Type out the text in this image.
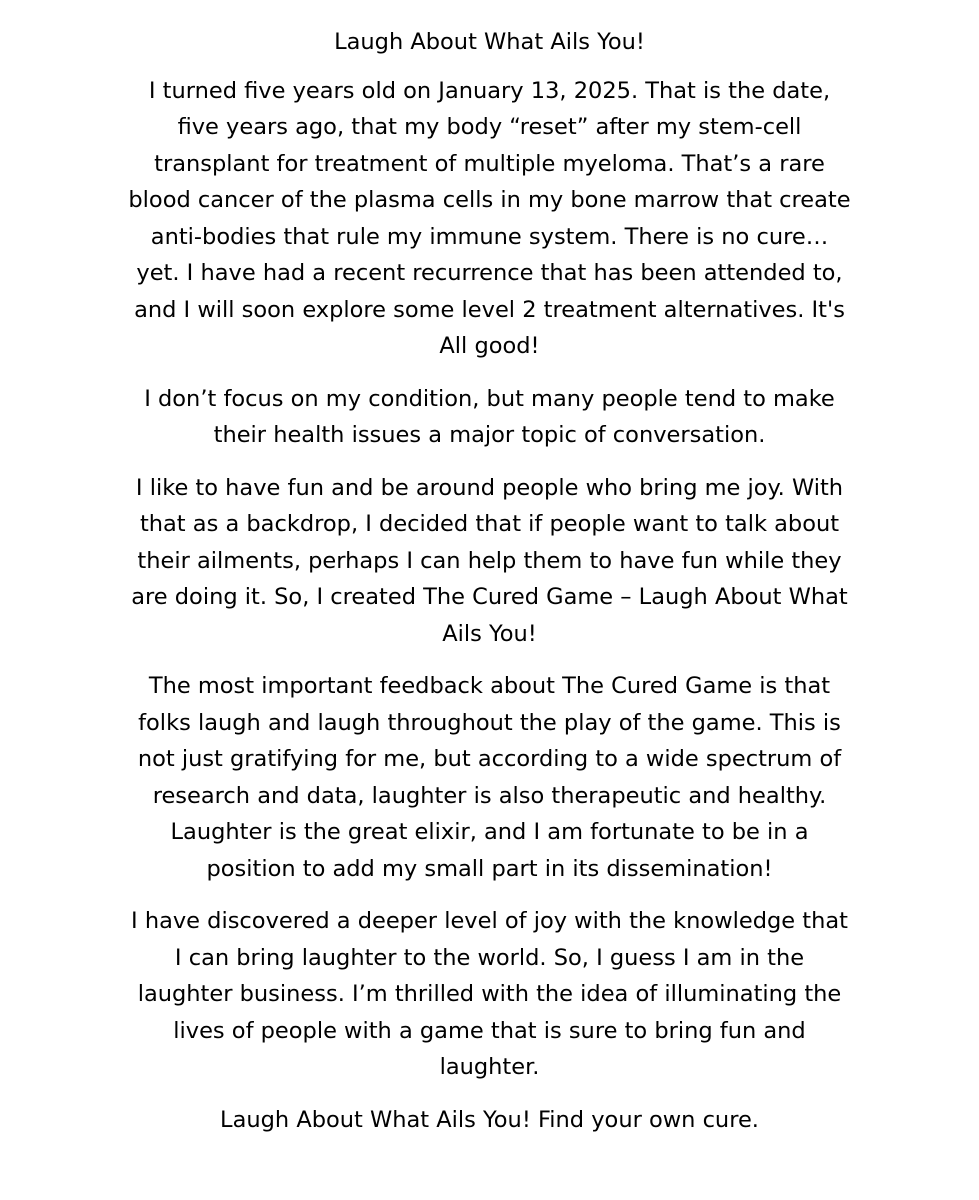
Laugh About What Ails You!

I turned five years old on January 13, 2025. That is the date, five years ago, that my body “reset” after my stem-cell transplant for treatment of multiple myeloma. That’s a rare blood cancer of the plasma cells in my bone marrow that create anti-bodies that rule my immune system. There is no cure… yet. I have had a recent recurrence that has been attended to, and I will soon explore some level 2 treatment alternatives. It's All good!

I don’t focus on my condition, but many people tend to make their health issues a major topic of conversation.

I like to have fun and be around people who bring me joy. With that as a backdrop, I decided that if people want to talk about their ailments, perhaps I can help them to have fun while they are doing it. So, I created The Cured Game – Laugh About What Ails You!

The most important feedback about The Cured Game is that folks laugh and laugh throughout the play of the game. This is not just gratifying for me, but according to a wide spectrum of research and data, laughter is also therapeutic and healthy. Laughter is the great elixir, and I am fortunate to be in a position to add my small part in its dissemination!

I have discovered a deeper level of joy with the knowledge that I can bring laughter to the world. So, I guess I am in the laughter business. I’m thrilled with the idea of illuminating the lives of people with a game that is sure to bring fun and laughter.

Laugh About What Ails You! Find your own cure.
